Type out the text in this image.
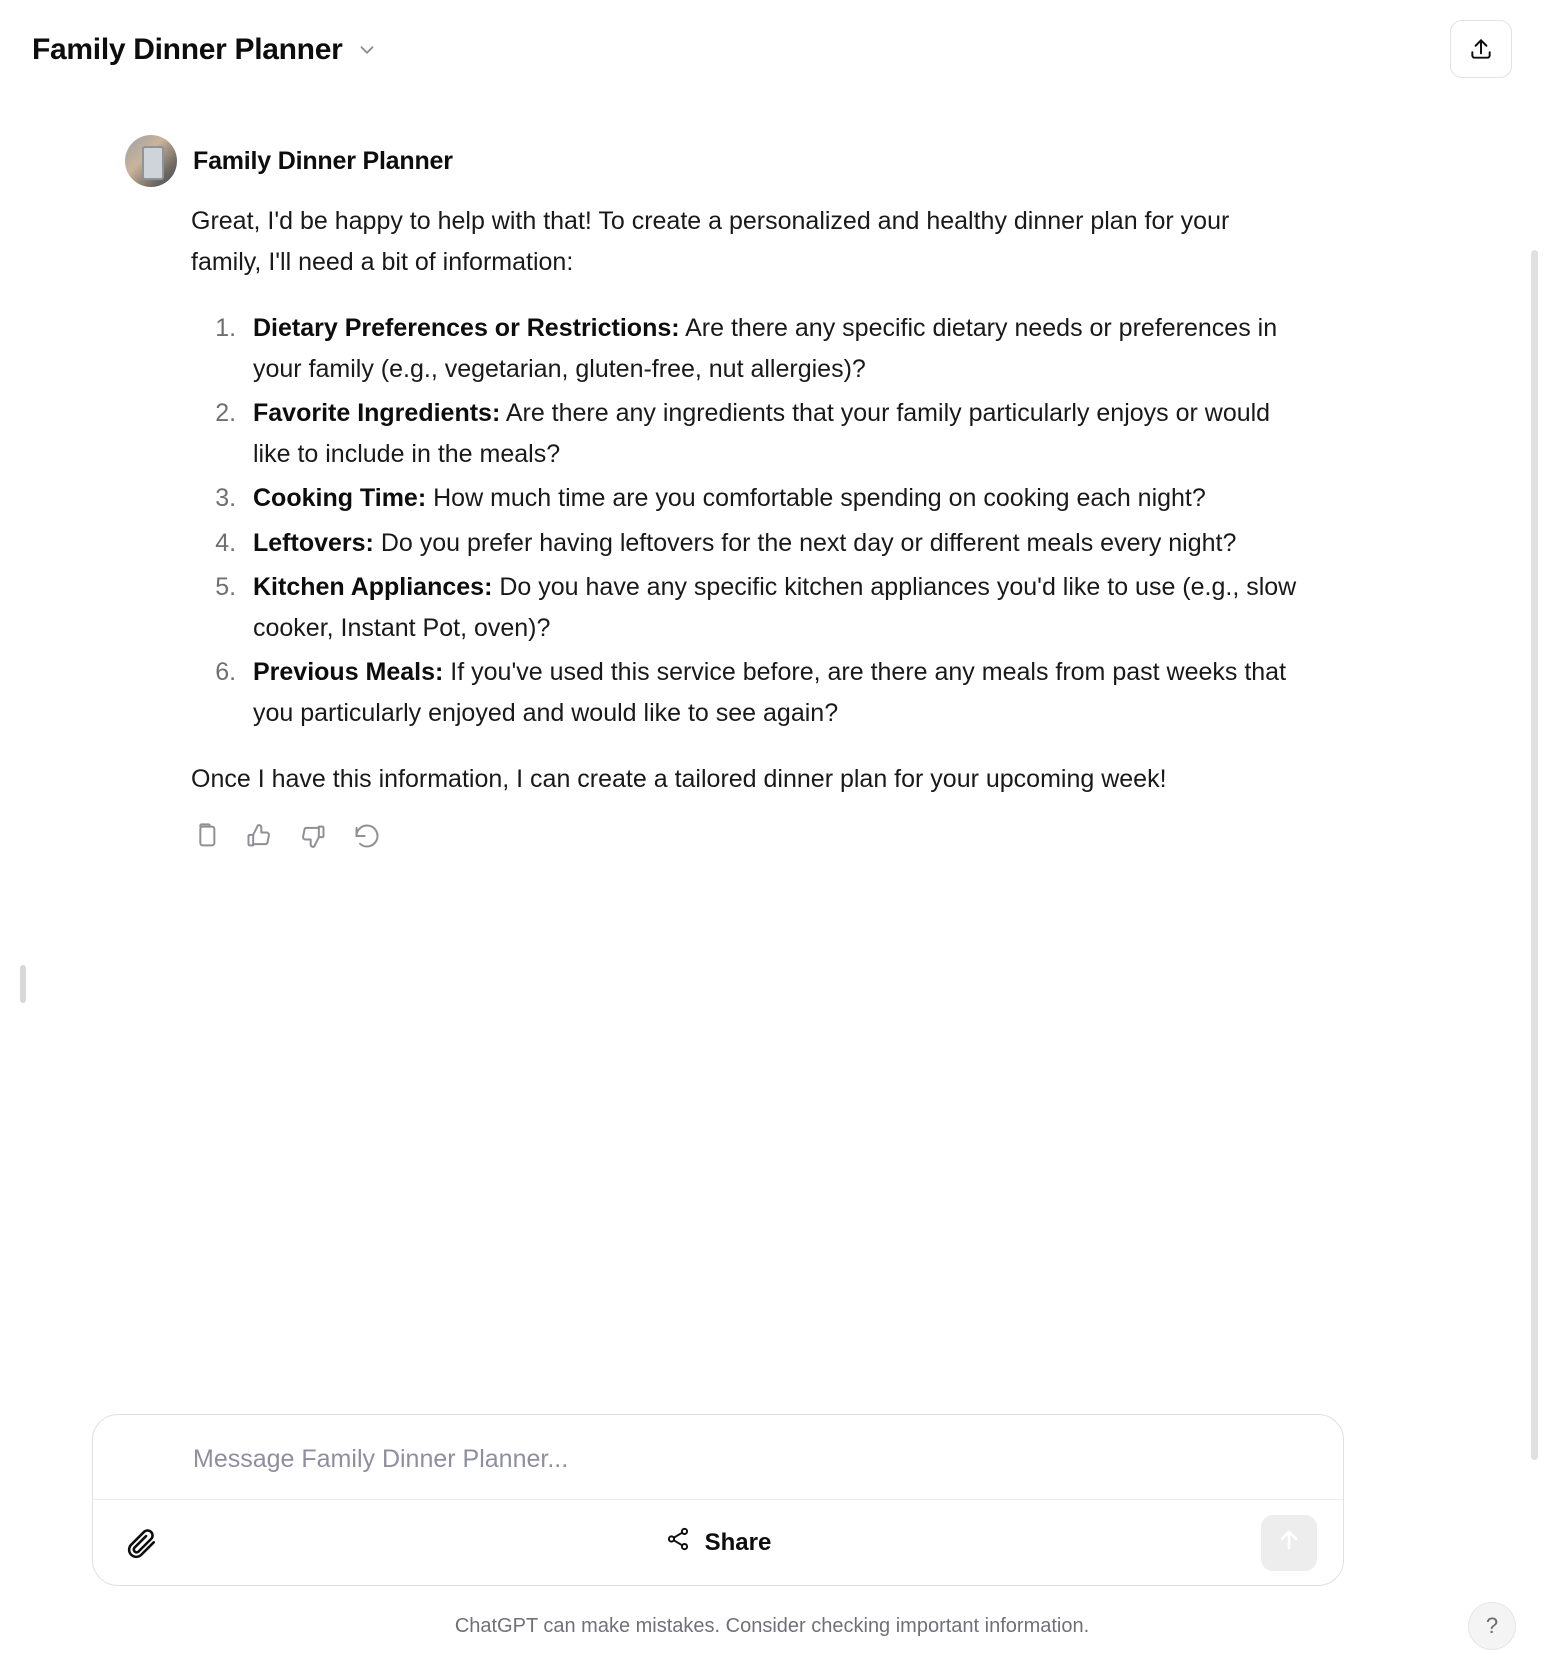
Family Dinner Planner
Family Dinner Planner

Great, I'd be happy to help with that! To create a personalized and healthy dinner plan for your family, I'll need a bit of information:

1. Dietary Preferences or Restrictions: Are there any specific dietary needs or preferences in your family (e.g., vegetarian, gluten-free, nut allergies)?
2. Favorite Ingredients: Are there any ingredients that your family particularly enjoys or would like to include in the meals?
3. Cooking Time: How much time are you comfortable spending on cooking each night?
4. Leftovers: Do you prefer having leftovers for the next day or different meals every night?
5. Kitchen Appliances: Do you have any specific kitchen appliances you'd like to use (e.g., slow cooker, Instant Pot, oven)?
6. Previous Meals: If you've used this service before, are there any meals from past weeks that you particularly enjoyed and would like to see again?

Once I have this information, I can create a tailored dinner plan for your upcoming week!

Message Family Dinner Planner...
Share
ChatGPT can make mistakes. Consider checking important information.	?
